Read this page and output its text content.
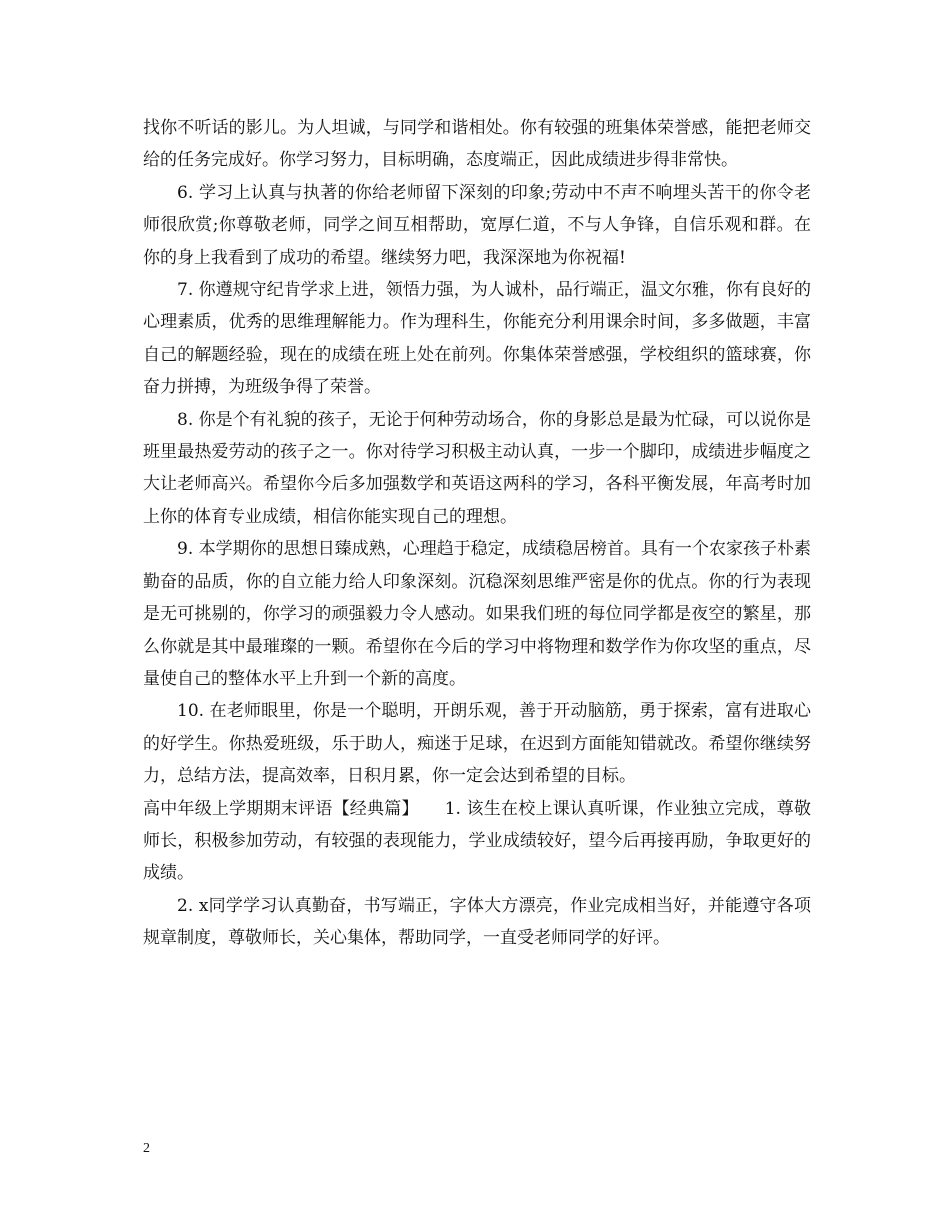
找你不听话的影儿。为人坦诚，与同学和谐相处。你有较强的班集体荣誉感，能把老师交给的任务完成好。你学习努力，目标明确，态度端正，因此成绩进步得非常快。

6. 学习上认真与执著的你给老师留下深刻的印象;劳动中不声不响埋头苦干的你令老师很欣赏;你尊敬老师，同学之间互相帮助，宽厚仁道，不与人争锋，自信乐观和群。在你的身上我看到了成功的希望。继续努力吧，我深深地为你祝福!

7. 你遵规守纪肯学求上进，领悟力强，为人诚朴，品行端正，温文尔雅，你有良好的心理素质，优秀的思维理解能力。作为理科生，你能充分利用课余时间，多多做题，丰富自己的解题经验，现在的成绩在班上处在前列。你集体荣誉感强，学校组织的篮球赛，你奋力拼搏，为班级争得了荣誉。

8. 你是个有礼貌的孩子，无论于何种劳动场合，你的身影总是最为忙碌，可以说你是班里最热爱劳动的孩子之一。你对待学习积极主动认真，一步一个脚印，成绩进步幅度之大让老师高兴。希望你今后多加强数学和英语这两科的学习，各科平衡发展，年高考时加上你的体育专业成绩，相信你能实现自己的理想。

9. 本学期你的思想日臻成熟，心理趋于稳定，成绩稳居榜首。具有一个农家孩子朴素勤奋的品质，你的自立能力给人印象深刻。沉稳深刻思维严密是你的优点。你的行为表现是无可挑剔的，你学习的顽强毅力令人感动。如果我们班的每位同学都是夜空的繁星，那么你就是其中最璀璨的一颗。希望你在今后的学习中将物理和数学作为你攻坚的重点，尽量使自己的整体水平上升到一个新的高度。

10. 在老师眼里，你是一个聪明，开朗乐观，善于开动脑筋，勇于探索，富有进取心的好学生。你热爱班级，乐于助人，痴迷于足球，在迟到方面能知错就改。希望你继续努力，总结方法，提高效率，日积月累，你一定会达到希望的目标。

高中年级上学期期末评语【经典篇】　　1. 该生在校上课认真听课，作业独立完成，尊敬师长，积极参加劳动，有较强的表现能力，学业成绩较好，望今后再接再励，争取更好的成绩。

2. x同学学习认真勤奋，书写端正，字体大方漂亮，作业完成相当好，并能遵守各项规章制度，尊敬师长，关心集体，帮助同学，一直受老师同学的好评。

2
